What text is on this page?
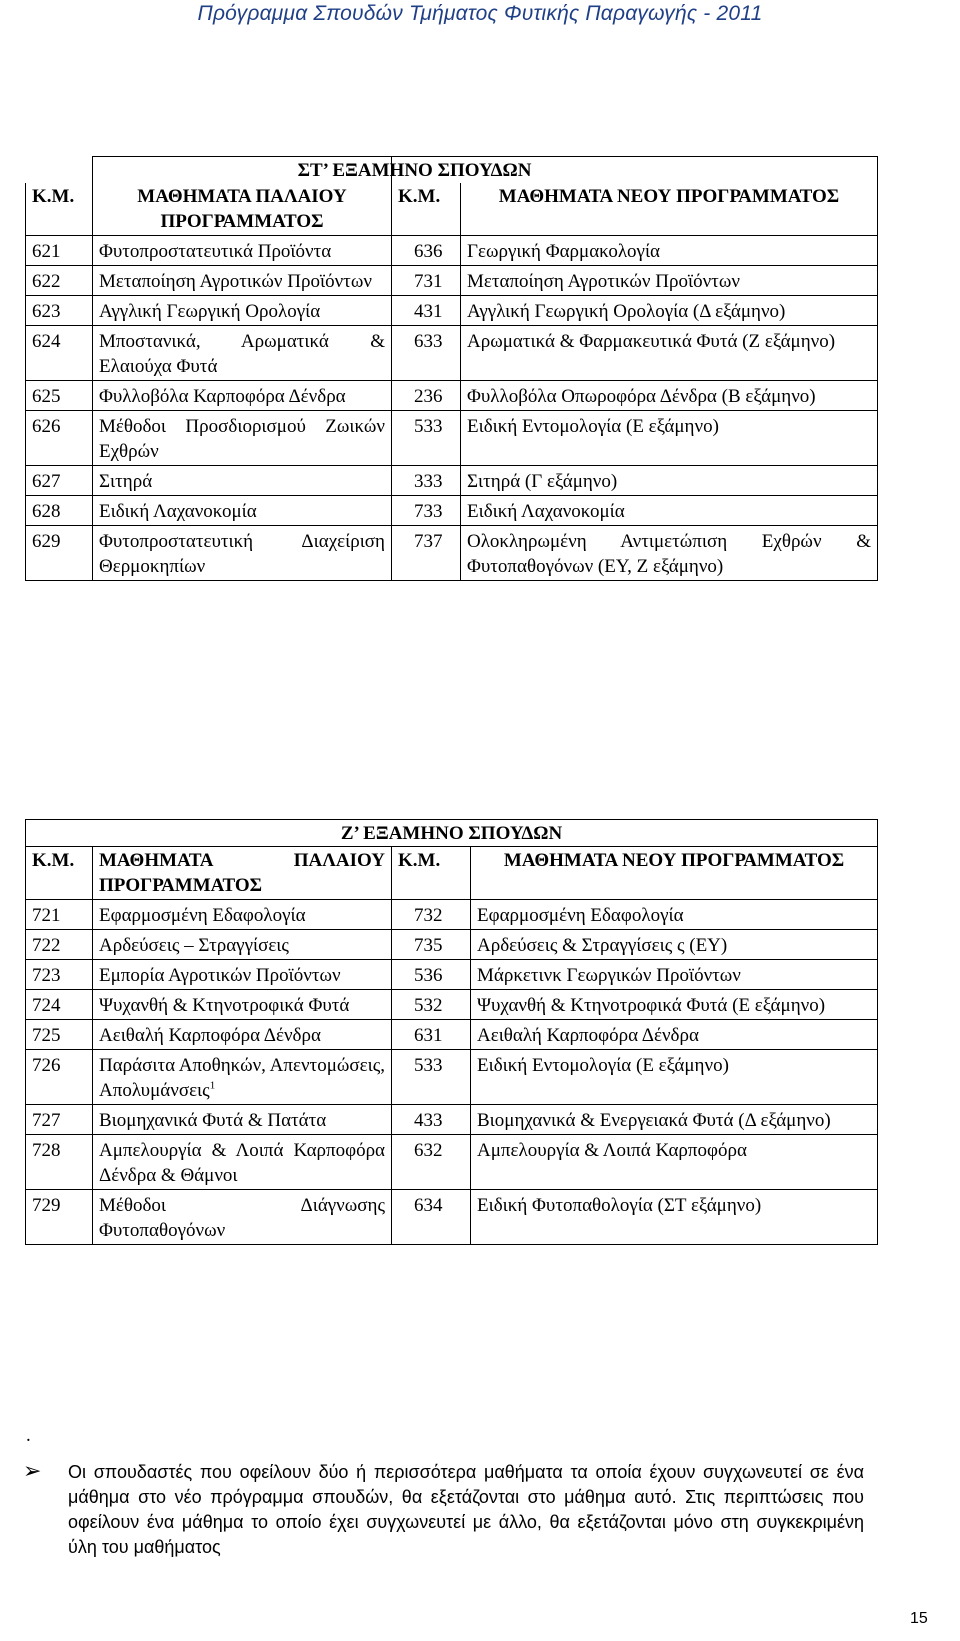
Πρόγραμμα Σπουδών Τμήματος Φυτικής Παραγωγής - 2011
		ΣΤ’ ΕΞΑΜΗΝΟ ΣΠΟΥΔΩΝ	
Κ.Μ.	ΜΑΘΗΜΑΤΑ ΠΑΛΑΙΟΥ ΠΡΟΓΡΑΜΜΑΤΟΣ	Κ.Μ.	ΜΑΘΗΜΑΤΑ ΝΕΟΥ ΠΡΟΓΡΑΜΜΑΤΟΣ
621	Φυτοπροστατευτικά Προϊόντα	636	Γεωργική Φαρμακολογία
622	Μεταποίηση Αγροτικών Προϊόντων	731	Μεταποίηση Αγροτικών Προϊόντων
623	Αγγλική Γεωργική Ορολογία	431	Αγγλική Γεωργική Ορολογία (Δ εξάμηνο)
624	Μποστανικά, Αρωματικά & Ελαιούχα Φυτά	633	Αρωματικά & Φαρμακευτικά Φυτά (Ζ εξάμηνο)
625	Φυλλοβόλα Καρποφόρα Δένδρα	236	Φυλλοβόλα Οπωροφόρα Δένδρα (Β εξάμηνο)
626	Μέθοδοι Προσδιορισμού Ζωικών Εχθρών	533	Ειδική Εντομολογία (Ε εξάμηνο)
627	Σιτηρά	333	Σιτηρά (Γ εξάμηνο)
628	Ειδική Λαχανοκομία	733	Ειδική Λαχανοκομία
629	Φυτοπροστατευτική Διαχείριση Θερμοκηπίων	737	Ολοκληρωμένη Αντιμετώπιση Εχθρών & Φυτοπαθογόνων (ΕΥ, Ζ εξάμηνο)
Ζ’ ΕΞΑΜΗΝΟ ΣΠΟΥΔΩΝ			
Κ.Μ.	ΜΑΘΗΜΑΤΑ ΠΑΛΑΙΟΥ ΠΡΟΓΡΑΜΜΑΤΟΣ	Κ.Μ.	ΜΑΘΗΜΑΤΑ ΝΕΟΥ ΠΡΟΓΡΑΜΜΑΤΟΣ
721	Εφαρμοσμένη Εδαφολογία	732	Εφαρμοσμένη Εδαφολογία
722	Αρδεύσεις – Στραγγίσεις	735	Αρδεύσεις & Στραγγίσεις ς (ΕΥ)
723	Εμπορία Αγροτικών Προϊόντων	536	Μάρκετινκ Γεωργικών Προϊόντων
724	Ψυχανθή & Κτηνοτροφικά Φυτά	532	Ψυχανθή & Κτηνοτροφικά Φυτά (Ε εξάμηνο)
725	Αειθαλή Καρποφόρα Δένδρα	631	Αειθαλή Καρποφόρα Δένδρα
726	Παράσιτα Αποθηκών, Απεντομώσεις, Απολυμάνσεις$^1$	533	Ειδική Εντομολογία (Ε εξάμηνο)
727	Βιομηχανικά Φυτά & Πατάτα	433	Βιομηχανικά & Ενεργειακά Φυτά (Δ εξάμηνο)
728	Αμπελουργία & Λοιπά Καρποφόρα Δένδρα & Θάμνοι	632	Αμπελουργία & Λοιπά Καρποφόρα
729	Μέθοδοι Διάγνωσης Φυτοπαθογόνων	634	Ειδική Φυτοπαθολογία (ΣΤ εξάμηνο)
.
➢ Οι σπουδαστές που οφείλουν δύο ή περισσότερα μαθήματα τα οποία έχουν συγχωνευτεί σε ένα μάθημα στο νέο πρόγραμμα σπουδών, θα εξετάζονται στο μάθημα αυτό. Στις περιπτώσεις που οφείλουν ένα μάθημα το οποίο έχει συγχωνευτεί με άλλο, θα εξετάζονται μόνο στη συγκεκριμένη ύλη του μαθήματος
15
